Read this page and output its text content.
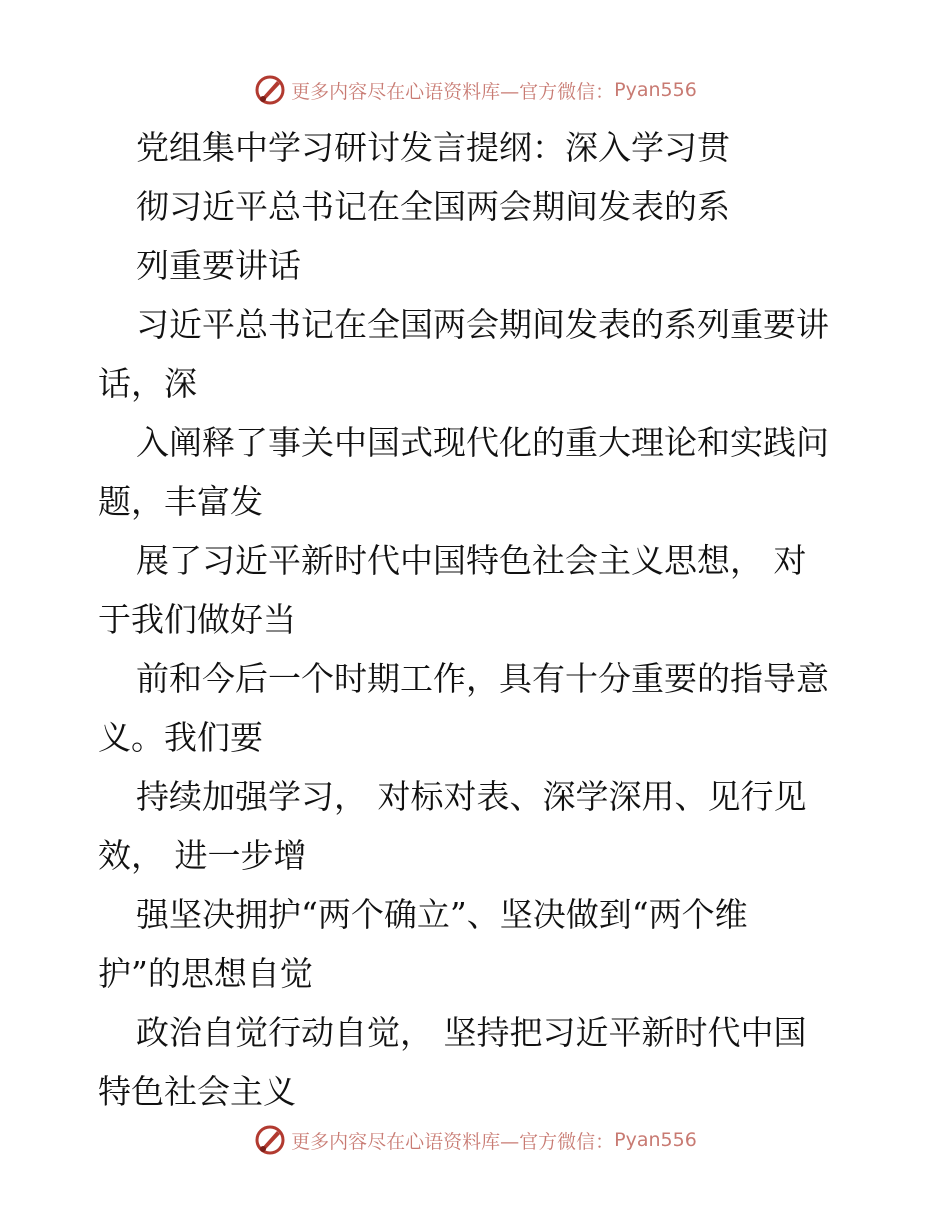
更多内容尽在心语资料库—官方微信： Pyan556
党组集中学习研讨发言提纲：深入学习贯
彻习近平总书记在全国两会期间发表的系
列重要讲话
习近平总书记在全国两会期间发表的系列重要讲
话，深
入阐释了事关中国式现代化的重大理论和实践问
题，丰富发
展了习近平新时代中国特色社会主义思想， 对
于我们做好当
前和今后一个时期工作，具有十分重要的指导意
义。我们要
持续加强学习， 对标对表、深学深用、见行见
效， 进一步增
强坚决拥护“两个确立”、坚决做到“两个维
护”的思想自觉
政治自觉行动自觉， 坚持把习近平新时代中国
特色社会主义
更多内容尽在心语资料库—官方微信： Pyan556
